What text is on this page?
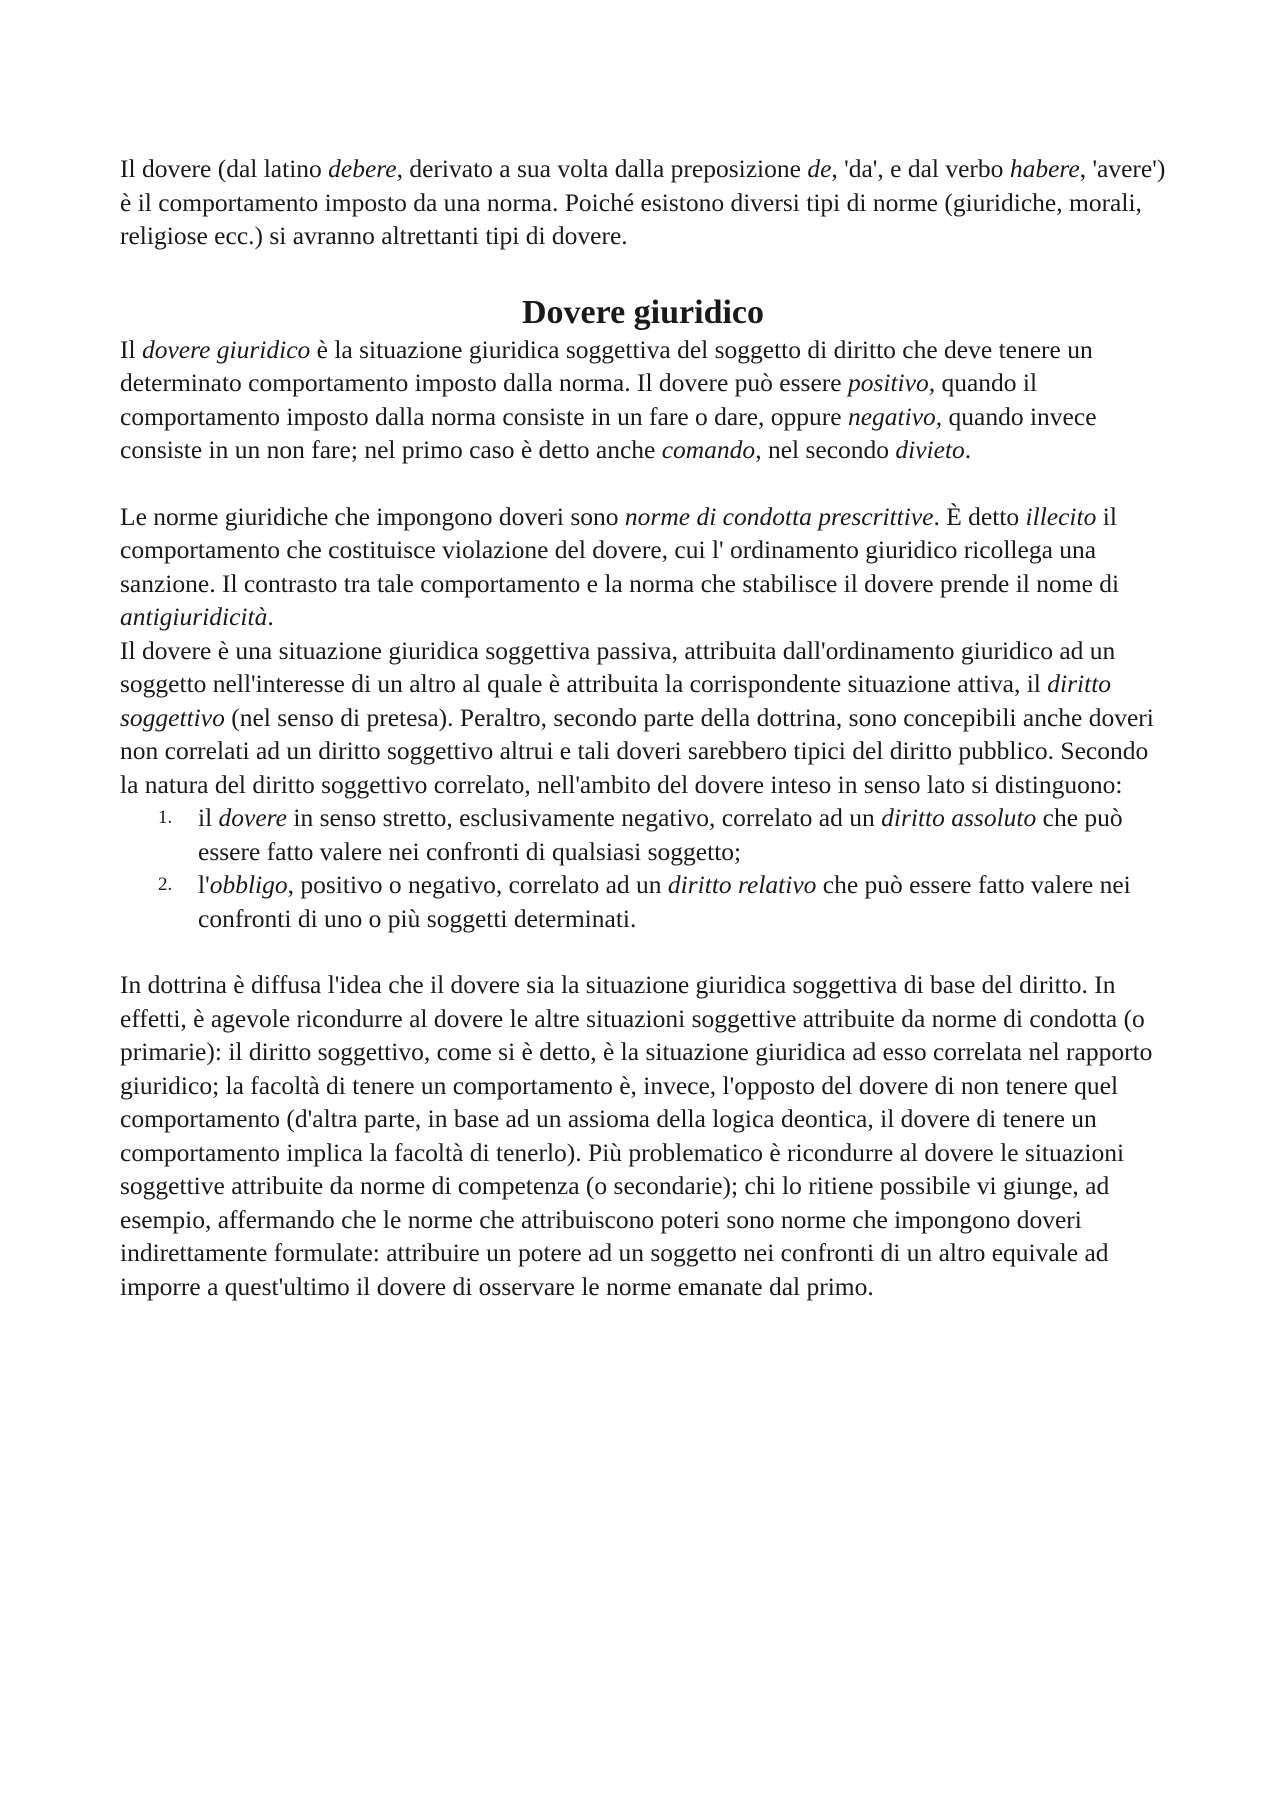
Il dovere (dal latino debere, derivato a sua volta dalla preposizione de, 'da', e dal verbo habere, 'avere') è il comportamento imposto da una norma. Poiché esistono diversi tipi di norme (giuridiche, morali, religiose ecc.) si avranno altrettanti tipi di dovere.

Dovere giuridico

Il dovere giuridico è la situazione giuridica soggettiva del soggetto di diritto che deve tenere un determinato comportamento imposto dalla norma. Il dovere può essere positivo, quando il comportamento imposto dalla norma consiste in un fare o dare, oppure negativo, quando invece consiste in un non fare; nel primo caso è detto anche comando, nel secondo divieto.

Le norme giuridiche che impongono doveri sono norme di condotta prescrittive. È detto illecito il comportamento che costituisce violazione del dovere, cui l' ordinamento giuridico ricollega una sanzione. Il contrasto tra tale comportamento e la norma che stabilisce il dovere prende il nome di antigiuridicità.

Il dovere è una situazione giuridica soggettiva passiva, attribuita dall'ordinamento giuridico ad un soggetto nell'interesse di un altro al quale è attribuita la corrispondente situazione attiva, il diritto soggettivo (nel senso di pretesa). Peraltro, secondo parte della dottrina, sono concepibili anche doveri non correlati ad un diritto soggettivo altrui e tali doveri sarebbero tipici del diritto pubblico. Secondo la natura del diritto soggettivo correlato, nell'ambito del dovere inteso in senso lato si distinguono:

il dovere in senso stretto, esclusivamente negativo, correlato ad un diritto assoluto che può essere fatto valere nei confronti di qualsiasi soggetto;
l'obbligo, positivo o negativo, correlato ad un diritto relativo che può essere fatto valere nei confronti di uno o più soggetti determinati.

In dottrina è diffusa l'idea che il dovere sia la situazione giuridica soggettiva di base del diritto. In effetti, è agevole ricondurre al dovere le altre situazioni soggettive attribuite da norme di condotta (o primarie): il diritto soggettivo, come si è detto, è la situazione giuridica ad esso correlata nel rapporto giuridico; la facoltà di tenere un comportamento è, invece, l'opposto del dovere di non tenere quel comportamento (d'altra parte, in base ad un assioma della logica deontica, il dovere di tenere un comportamento implica la facoltà di tenerlo). Più problematico è ricondurre al dovere le situazioni soggettive attribuite da norme di competenza (o secondarie); chi lo ritiene possibile vi giunge, ad esempio, affermando che le norme che attribuiscono poteri sono norme che impongono doveri indirettamente formulate: attribuire un potere ad un soggetto nei confronti di un altro equivale ad imporre a quest'ultimo il dovere di osservare le norme emanate dal primo.
